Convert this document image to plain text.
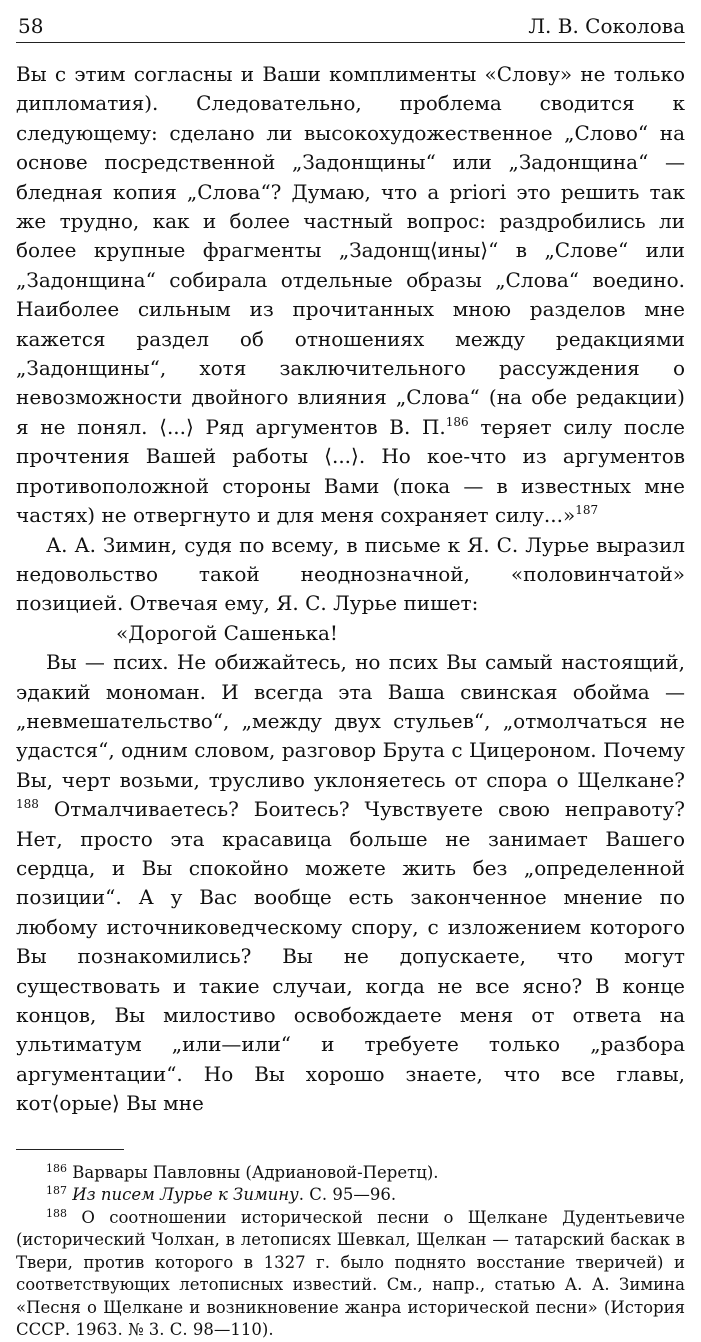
58	Л. В. Соколова

Вы с этим согласны и Ваши комплименты «Слову» не только дипломатия). Следовательно, проблема сводится к следующему: сделано ли высокохудожественное „Слово“ на основе посредственной „Задонщины“ или „Задонщина“ — бледная копия „Слова“? Думаю, что a priori это решить так же трудно, как и более частный вопрос: раздробились ли более крупные фрагменты „Задонщ⟨ины⟩“ в „Слове“ или „Задонщина“ собирала отдельные образы „Слова“ воедино. Наиболее сильным из прочитанных мною разделов мне кажется раздел об отношениях между редакциями „Задонщины“, хотя заключительного рассуждения о невозможности двойного влияния „Слова“ (на обе редакции) я не понял. ⟨...⟩ Ряд аргументов В. П.$^{186}$ теряет силу после прочтения Вашей работы ⟨...⟩. Но кое-что из аргументов противоположной стороны Вами (пока — в известных мне частях) не отвергнуто и для меня сохраняет силу...»$^{187}$

А. А. Зимин, судя по всему, в письме к Я. С. Лурье выразил недовольство такой неоднозначной, «половинчатой» позицией. Отвечая ему, Я. С. Лурье пишет:

«Дорогой Сашенька!

Вы — псих. Не обижайтесь, но псих Вы самый настоящий, эдакий мономан. И всегда эта Ваша свинская обойма — „невмешательство“, „между двух стульев“, „отмолчаться не удастся“, одним словом, разговор Брута с Цицероном. Почему Вы, черт возьми, трусливо уклоняетесь от спора о Щелкане?$^{188}$ Отмалчиваетесь? Боитесь? Чувствуете свою неправоту? Нет, просто эта красавица больше не занимает Вашего сердца, и Вы спокойно можете жить без „определенной позиции“. А у Вас вообще есть законченное мнение по любому источниковедческому спору, с изложением которого Вы познакомились? Вы не допускаете, что могут существовать и такие случаи, когда не все ясно? В конце концов, Вы милостиво освобождаете меня от ответа на ультиматум „или—или“ и требуете только „разбора аргументации“. Но Вы хорошо знаете, что все главы, кот⟨орые⟩ Вы мне

$^{186}$ Варвары Павловны (Адриановой-Перетц).

$^{187}$ Из писем Лурье к Зимину. С. 95—96.

$^{188}$ О соотношении исторической песни о Щелкане Дудентьевиче (исторический Чолхан, в летописях Шевкал, Щелкан — татарский баскак в Твери, против которого в 1327 г. было поднято восстание тверичей) и соответствующих летописных известий. См., напр., статью А. А. Зимина «Песня о Щелкане и возникновение жанра исторической песни» (История СССР. 1963. № 3. С. 98—110).
